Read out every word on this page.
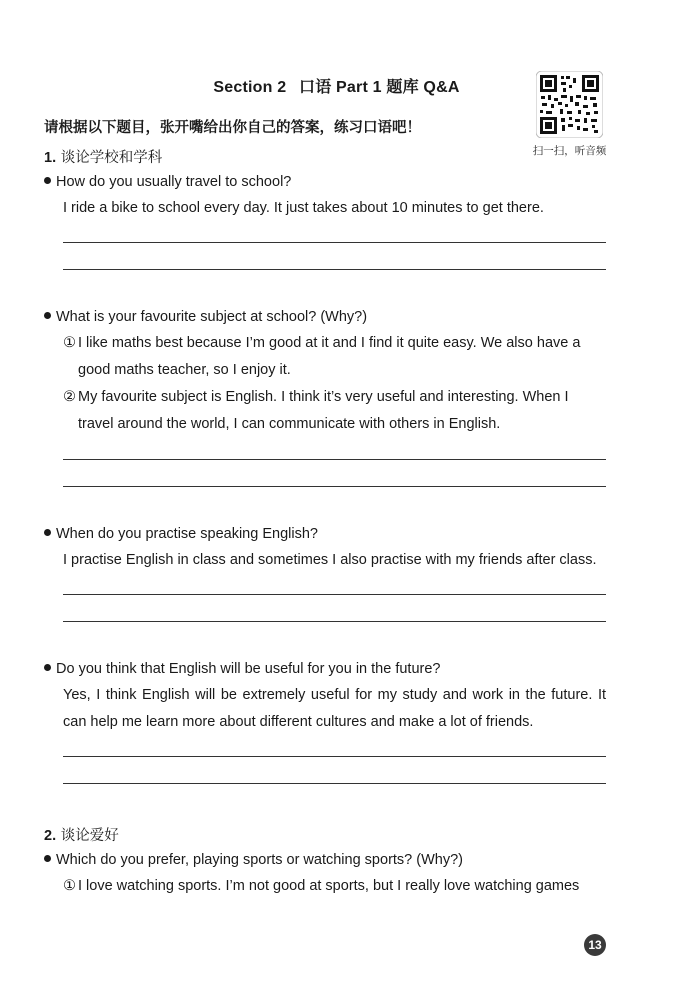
Section 2 口语 Part 1 题库 Q&A
扫一扫，听音频
请根据以下题目，张开嘴给出你自己的答案，练习口语吧！
1. 谈论学校和学科
How do you usually travel to school?
I ride a bike to school every day. It just takes about 10 minutes to get there.
What is your favourite subject at school? (Why?)
① I like maths best because I’m good at it and I find it quite easy. We also have a
good maths teacher, so I enjoy it.
② My favourite subject is English. I think it’s very useful and interesting. When I
travel around the world, I can communicate with others in English.
When do you practise speaking English?
I practise English in class and sometimes I also practise with my friends after class.
Do you think that English will be useful for you in the future?
Yes, I think English will be extremely useful for my study and work in the future. It can help me learn more about different cultures and make a lot of friends.
2. 谈论爱好
Which do you prefer, playing sports or watching sports? (Why?)
① I love watching sports. I’m not good at sports, but I really love watching games
13
